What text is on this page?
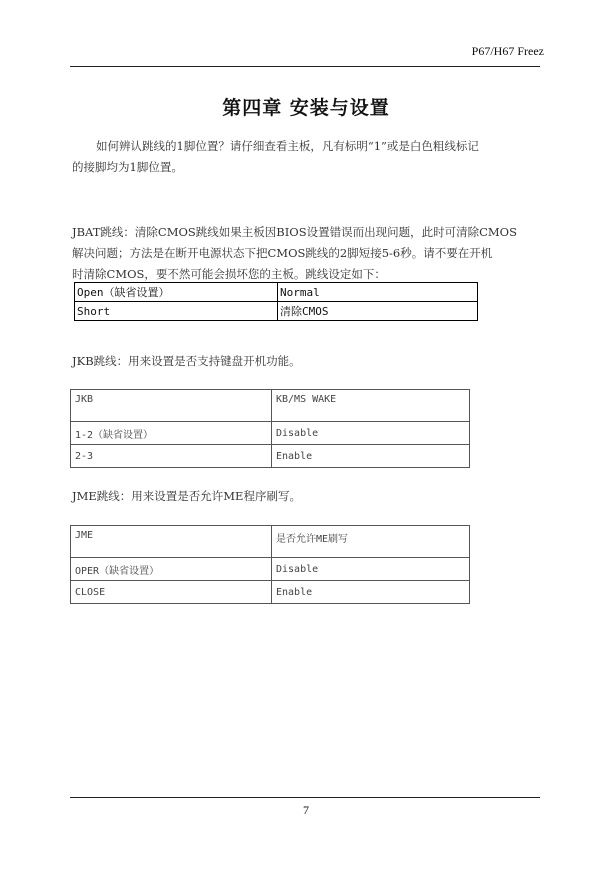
P67/H67 Freez
第四章 安装与设置

如何辨认跳线的1脚位置？请仔细查看主板，凡有标明“1”或是白色粗线标记

的接脚均为1脚位置。

JBAT跳线：清除CMOS跳线如果主板因BIOS设置错误而出现问题，此时可清除CMOS

解决问题；方法是在断开电源状态下把CMOS跳线的2脚短接5-6秒。请不要在开机

时清除CMOS，要不然可能会损坏您的主板。跳线设定如下：

Open（缺省设置）	Normal
Short	清除CMOS

JKB跳线：用来设置是否支持键盘开机功能。

JKB	KB/MS WAKE
1-2（缺省设置）	Disable
2-3	Enable

JME跳线：用来设置是否允许ME程序刷写。

JME	是否允许ME刷写
OPER（缺省设置）	Disable
CLOSE	Enable
7
